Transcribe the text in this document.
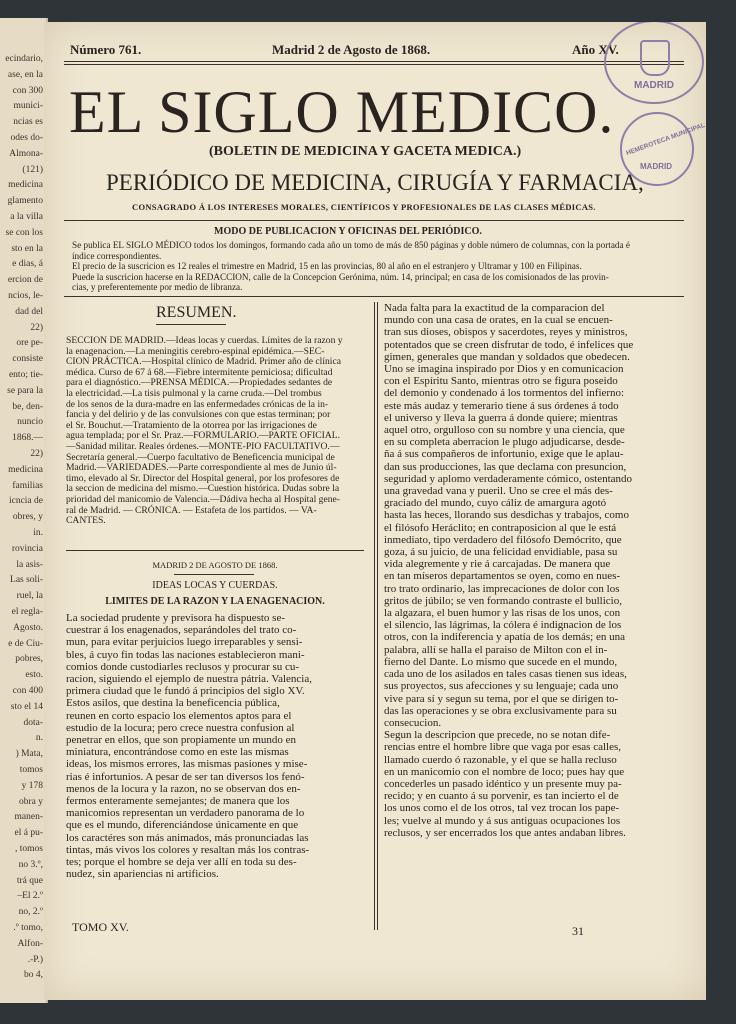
ecindario,
ase, en la
con 300
munici-
ncias es
odes do-
Almona-
(121)
medicina
glamento
a la villa
se con los
sto en la
e dias, á
ercion de
ncios, le-
dad del
22)
ore pe-
consiste
ento; tie-
se para la
be, den-
nuncio
1868.—
22)
medicina
familias
icncia de
obres, y
in.
rovincia
la asis-
Las soli-
ruel, la
el regla-
Agosto.
e de Ciu-
pobres,
esto.
con 400
sto el 14
dota-
n.
) Mata,
tomos
y 178
obra y
manen-
el á pu-
, tomos
no 3.º,
trá que
–El 2.º
no, 2.º
.º tomo,
Alfon-
.-P.)
bo 4,
Número 761.	Madrid 2 de Agosto de 1868.	Año XV.
EL SIGLO MEDICO.
(BOLETIN DE MEDICINA Y GACETA MEDICA.)
PERIÓDICO DE MEDICINA, CIRUGÍA Y FARMACIA,
CONSAGRADO Á LOS INTERESES MORALES, CIENTÍFICOS Y PROFESIONALES DE LAS CLASES MÉDICAS.
MODO DE PUBLICACION Y OFICINAS DEL PERIÓDICO.
Se publica EL SIGLO MÉDICO todos los domingos, formando cada año un tomo de más de 850 páginas y doble número de columnas, con la portada é
índice correspondientes.
El precio de la suscricion es 12 reales el trimestre en Madrid, 15 en las provincias, 80 al año en el estranjero y Ultramar y 100 en Filipinas.
Puede la suscricion hacerse en la REDACCION, calle de la Concepcion Gerónima, núm. 14, principal; en casa de los comisionados de las provin-
cias, y preferentemente por medio de libranza.
RESUMEN.
SECCION DE MADRID.—Ideas locas y cuerdas. Límites de la razon y
la enagenacion.—La meningitis cerebro-espinal epidémica.—SEC-
CION PRÁCTICA.—Hospital clínico de Madrid. Primer año de clínica
médica. Curso de 67 á 68.—Fiebre intermitente perniciosa; dificultad
para el diagnóstico.—PRENSA MÉDICA.—Propiedades sedantes de
la electricidad.—La tisis pulmonal y la carne cruda.—Del trombus
de los senos de la dura-madre en las enfermedades crónicas de la in-
fancia y del delirio y de las convulsiones con que estas terminan; por
el Sr. Bouchut.—Tratamiento de la otorrea por las irrigaciones de
agua templada; por el Sr. Praz.—FORMULARIO.—PARTE OFICIAL.
—Sanidad militar. Reales órdenes.—MONTE-PIO FACULTATIVO.—
Secretaría general.—Cuerpo facultativo de Beneficencia municipal de
Madrid.—VARIEDADES.—Parte correspondiente al mes de Junio úl-
timo, elevado al Sr. Director del Hospital general, por los profesores de
la seccion de medicina del mismo.—Cuestion histórica. Dudas sobre la
prioridad del manicomio de Valencia.—Dádiva hecha al Hospital gene-
ral de Madrid. — CRÓNICA. — Estafeta de los partidos. — VA-
CANTES.
MADRID 2 DE AGOSTO DE 1868.
IDEAS LOCAS Y CUERDAS.
LIMITES DE LA RAZON Y LA ENAGENACION.
La sociedad prudente y previsora ha dispuesto se-
cuestrar á los enagenados, separándoles del trato co-
mun, para evitar perjuicios luego irreparables y sensi-
bles, á cuyo fin todas las naciones establecieron mani-
comios donde custodiarles reclusos y procurar su cu-
racion, siguiendo el ejemplo de nuestra pátria. Valencia,
primera ciudad que le fundó á principios del siglo XV.
Estos asilos, que destina la beneficencia pública,
reunen en corto espacio los elementos aptos para el
estudio de la locura; pero crece nuestra confusion al
penetrar en ellos, que son propiamente un mundo en
miniatura, encontrándose como en este las mismas
ideas, los mismos errores, las mismas pasiones y mise-
rias é infortunios. A pesar de ser tan diversos los fenó-
menos de la locura y la razon, no se observan dos en-
fermos enteramente semejantes; de manera que los
manicomios representan un verdadero panorama de lo
que es el mundo, diferenciándose únicamente en que
los caractéres son más animados, más pronunciadas las
tintas, más vivos los colores y resaltan más los contras-
tes; porque el hombre se deja ver allí en toda su des-
nudez, sin apariencias ni artificios.
Nada falta para la exactitud de la comparacion del
mundo con una casa de orates, en la cual se encuen-
tran sus dioses, obispos y sacerdotes, reyes y ministros,
potentados que se creen disfrutar de todo, é infelices que
gimen, generales que mandan y soldados que obedecen.
Uno se imagina inspirado por Dios y en comunicacion
con el Espíritu Santo, mientras otro se figura poseido
del demonio y condenado á los tormentos del infierno:
este más audaz y temerario tiene á sus órdenes á todo
el universo y lleva la guerra á donde quiere; mientras
aquel otro, orgulloso con su nombre y una ciencia, que
en su completa aberracion le plugo adjudicarse, desde-
ña á sus compañeros de infortunio, exige que le aplau-
dan sus producciones, las que declama con presuncion,
seguridad y aplomo verdaderamente cómico, ostentando
una gravedad vana y pueril. Uno se cree el más des-
graciado del mundo, cuyo cáliz de amargura agotó
hasta las heces, llorando sus desdichas y trabajos, como
el filósofo Heráclito; en contraposicion al que le está
inmediato, tipo verdadero del filósofo Demócrito, que
goza, á su juicio, de una felicidad envidiable, pasa su
vida alegremente y rie á carcajadas. De manera que
en tan míseros departamentos se oyen, como en nues-
tro trato ordinario, las imprecaciones de dolor con los
gritos de júbilo; se ven formando contraste el bullicio,
la algazara, el buen humor y las risas de los unos, con
el silencio, las lágrimas, la cólera é indignacion de los
otros, con la indiferencia y apatía de los demás; en una
palabra, allí se halla el paraiso de Milton con el in-
fierno del Dante. Lo mismo que sucede en el mundo,
cada uno de los asilados en tales casas tienen sus ideas,
sus proyectos, sus afecciones y su lenguaje; cada uno
vive para sí y segun su tema, por el que se dirigen to-
das las operaciones y se obra exclusivamente para su
consecucion.
Segun la descripcion que precede, no se notan dife-
rencias entre el hombre libre que vaga por esas calles,
llamado cuerdo ó razonable, y el que se halla recluso
en un manicomio con el nombre de loco; pues hay que
concederles un pasado idéntico y un presente muy pa-
recido; y en cuanto á su porvenir, es tan incierto el de
los unos como el de los otros, tal vez trocan los pape-
les; vuelve al mundo y á sus antiguas ocupaciones los
reclusos, y ser encerrados los que antes andaban libres.
TOMO XV.	31
MADRID
HEMEROTECA MUNICIPAL
MADRID
